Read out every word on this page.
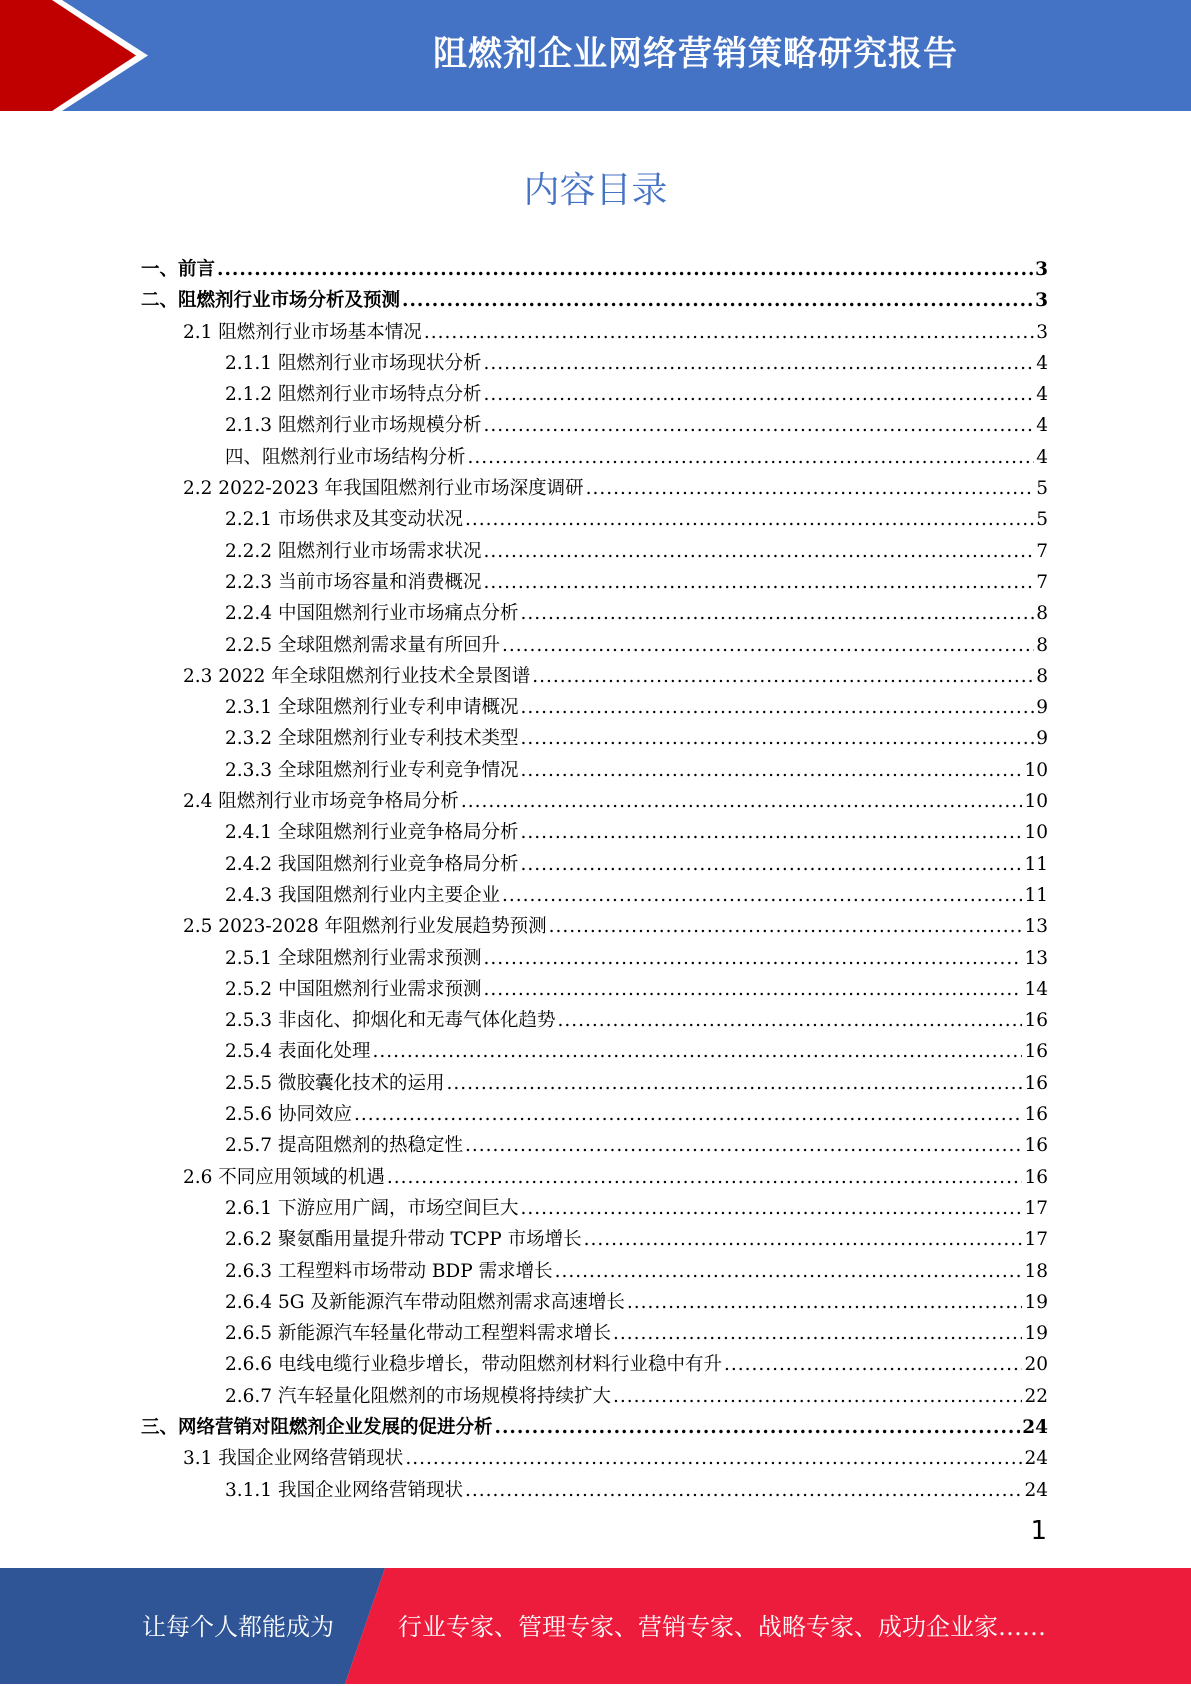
阻燃剂企业网络营销策略研究报告
内容目录
一、前言 .....	3
二、阻燃剂行业市场分析及预测 .....	3
2.1 阻燃剂行业市场基本情况 .....	3
2.1.1 阻燃剂行业市场现状分析 .....	4
2.1.2 阻燃剂行业市场特点分析 .....	4
2.1.3 阻燃剂行业市场规模分析 .....	4
四、阻燃剂行业市场结构分析 .....	4
2.2 2022-2023 年我国阻燃剂行业市场深度调研 .....	5
2.2.1 市场供求及其变动状况 .....	5
2.2.2 阻燃剂行业市场需求状况 .....	7
2.2.3 当前市场容量和消费概况 .....	7
2.2.4 中国阻燃剂行业市场痛点分析 .....	8
2.2.5 全球阻燃剂需求量有所回升 .....	8
2.3 2022 年全球阻燃剂行业技术全景图谱 .....	8
2.3.1 全球阻燃剂行业专利申请概况 .....	9
2.3.2 全球阻燃剂行业专利技术类型 .....	9
2.3.3 全球阻燃剂行业专利竞争情况 .....	10
2.4 阻燃剂行业市场竞争格局分析 .....	10
2.4.1 全球阻燃剂行业竞争格局分析 .....	10
2.4.2 我国阻燃剂行业竞争格局分析 .....	11
2.4.3 我国阻燃剂行业内主要企业 .....	11
2.5 2023-2028 年阻燃剂行业发展趋势预测 .....	13
2.5.1 全球阻燃剂行业需求预测 .....	13
2.5.2 中国阻燃剂行业需求预测 .....	14
2.5.3 非卤化、抑烟化和无毒气体化趋势 .....	16
2.5.4 表面化处理 .....	16
2.5.5 微胶囊化技术的运用 .....	16
2.5.6 协同效应 .....	16
2.5.7 提高阻燃剂的热稳定性 .....	16
2.6 不同应用领域的机遇 .....	16
2.6.1 下游应用广阔，市场空间巨大 .....	17
2.6.2 聚氨酯用量提升带动 TCPP 市场增长 .....	17
2.6.3 工程塑料市场带动 BDP 需求增长 .....	18
2.6.4 5G 及新能源汽车带动阻燃剂需求高速增长 .....	19
2.6.5 新能源汽车轻量化带动工程塑料需求增长 .....	19
2.6.6 电线电缆行业稳步增长，带动阻燃剂材料行业稳中有升 .....	20
2.6.7 汽车轻量化阻燃剂的市场规模将持续扩大 .....	22
三、网络营销对阻燃剂企业发展的促进分析 .....	24
3.1 我国企业网络营销现状 .....	24
3.1.1 我国企业网络营销现状 .....	24
1
让每个人都能成为	行业专家、管理专家、营销专家、战略专家、成功企业家……
